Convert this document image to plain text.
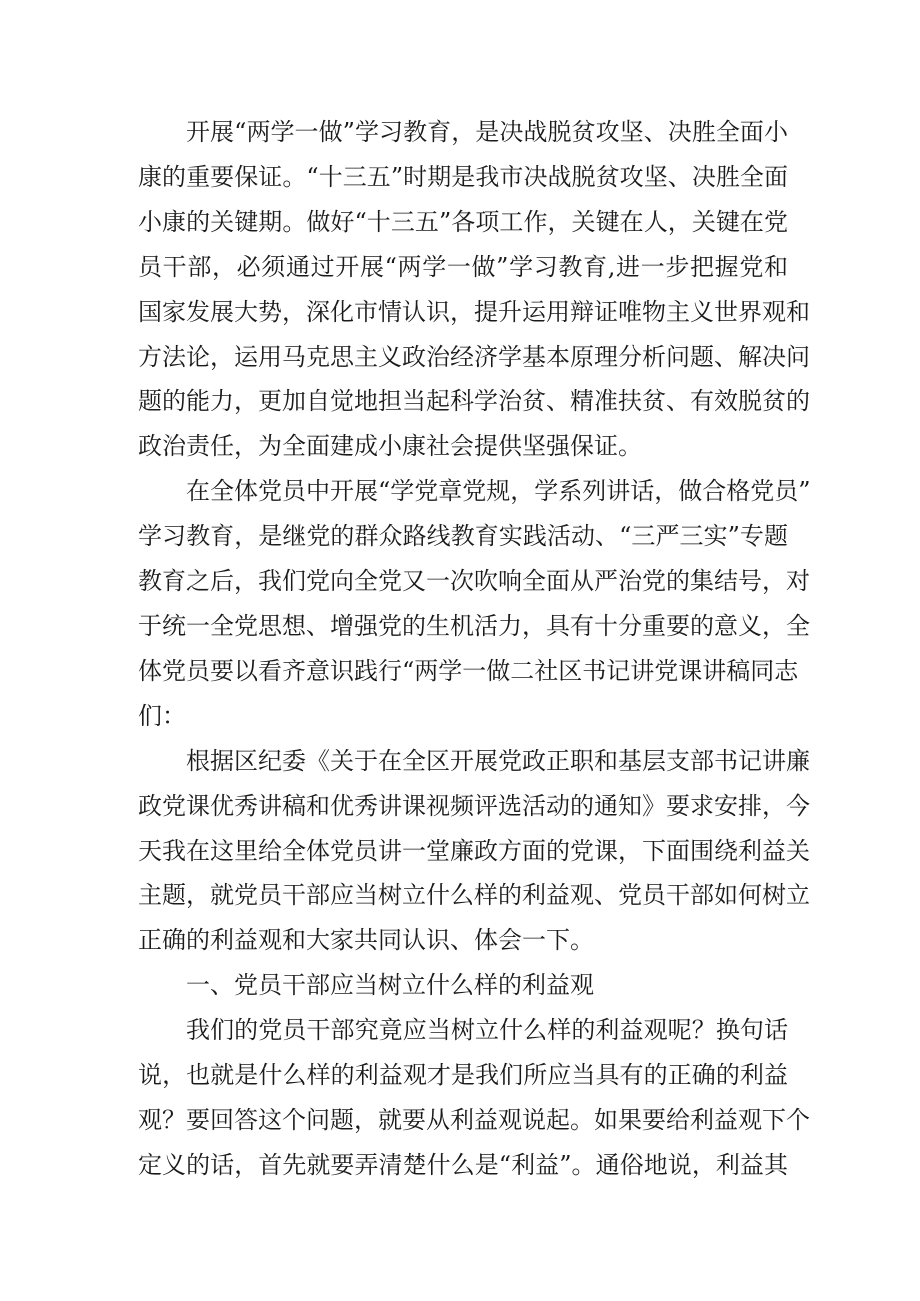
开展“两学一做”学习教育，是决战脱贫攻坚、决胜全面小
康的重要保证。“十三五”时期是我市决战脱贫攻坚、决胜全面
小康的关键期。做好“十三五”各项工作，关键在人，关键在党
员干部，必须通过开展“两学一做”学习教育,进一步把握党和
国家发展大势，深化市情认识，提升运用辩证唯物主义世界观和
方法论，运用马克思主义政治经济学基本原理分析问题、解决问
题的能力，更加自觉地担当起科学治贫、精准扶贫、有效脱贫的
政治责任，为全面建成小康社会提供坚强保证。
在全体党员中开展“学党章党规，学系列讲话，做合格党员”
学习教育，是继党的群众路线教育实践活动、“三严三实”专题
教育之后，我们党向全党又一次吹响全面从严治党的集结号，对
于统一全党思想、增强党的生机活力，具有十分重要的意义，全
体党员要以看齐意识践行“两学一做二社区书记讲党课讲稿同志
们：
根据区纪委《关于在全区开展党政正职和基层支部书记讲廉
政党课优秀讲稿和优秀讲课视频评选活动的通知》要求安排，今
天我在这里给全体党员讲一堂廉政方面的党课，下面围绕利益关
主题，就党员干部应当树立什么样的利益观、党员干部如何树立
正确的利益观和大家共同认识、体会一下。
一、党员干部应当树立什么样的利益观
我们的党员干部究竟应当树立什么样的利益观呢？换句话
说，也就是什么样的利益观才是我们所应当具有的正确的利益
观？要回答这个问题，就要从利益观说起。如果要给利益观下个
定义的话，首先就要弄清楚什么是“利益”。通俗地说，利益其
